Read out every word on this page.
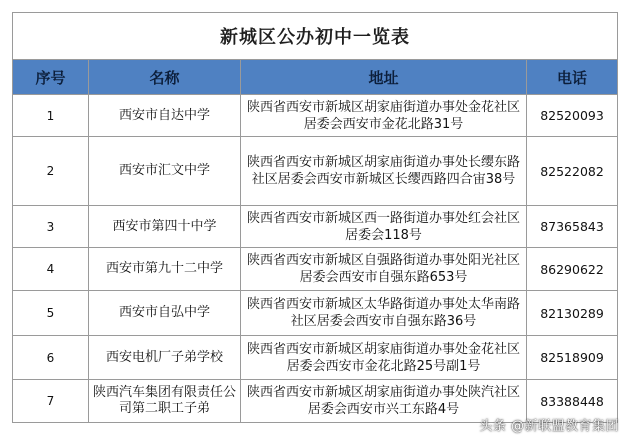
新城区公办初中一览表			
序号	名称	地址	电话
1	西安市自达中学	陕西省西安市新城区胡家庙街道办事处金花社区居委会西安市金花北路31号	82520093
2	西安市汇文中学	陕西省西安市新城区胡家庙街道办事处长缨东路社区居委会西安市新城区长缨西路四合宙38号	82522082
3	西安市第四十中学	陕西省西安市新城区西一路街道办事处红会社区居委会118号	87365843
4	西安市第九十二中学	陕西省西安市新城区自强路街道办事处阳光社区居委会西安市自强东路653号	86290622
5	西安市自弘中学	陕西省西安市新城区太华路街道办事处太华南路社区居委会西安市自强东路36号	82130289
6	西安电机厂子弟学校	陕西省西安市新城区胡家庙街道办事处金花社区居委会西安市金花北路25号副1号	82518909
7	陕西汽车集团有限责任公司第二职工子弟	陕西省西安市新城区胡家庙街道办事处陕汽社区居委会西安市兴工东路4号	83388448
头条 @新联盟教育集团
